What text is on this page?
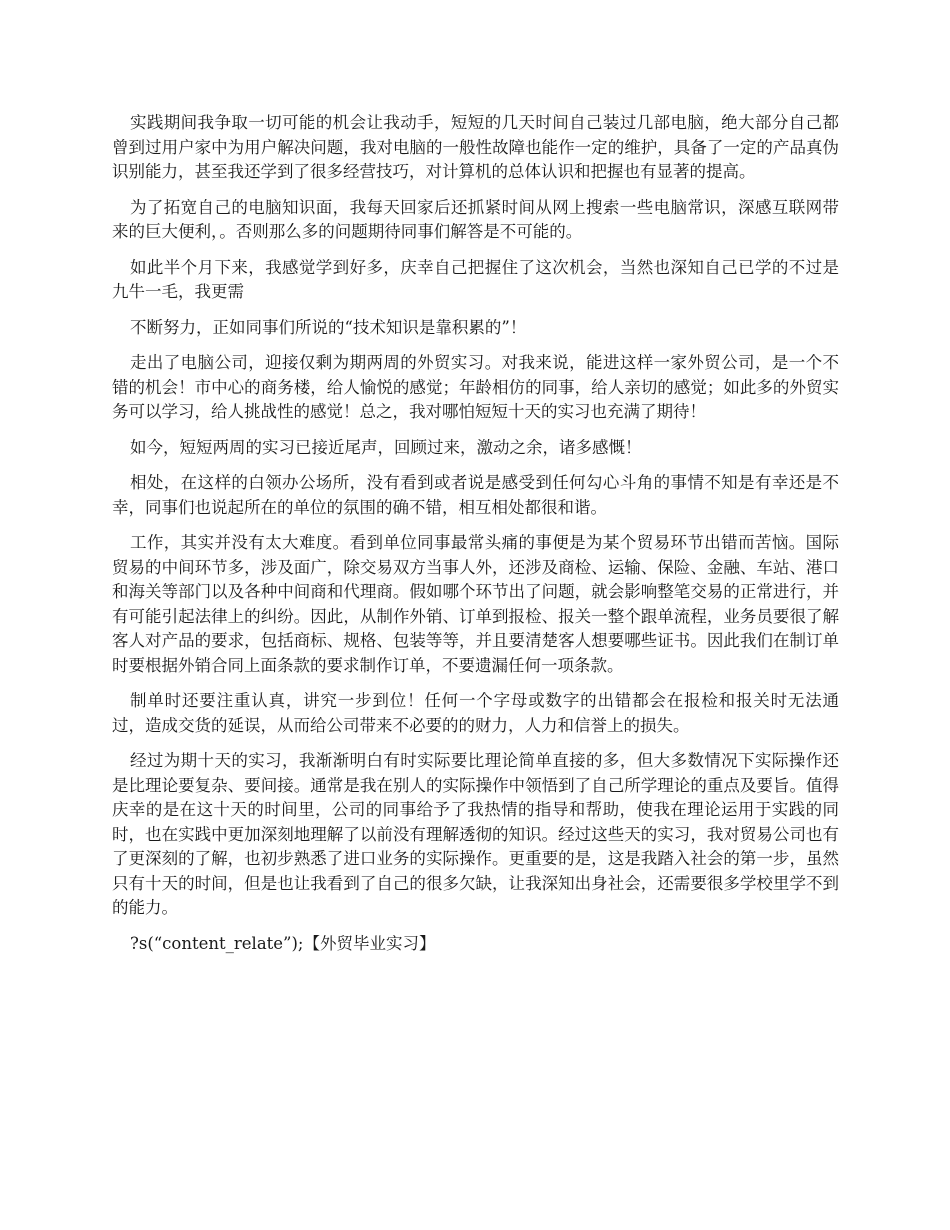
实践期间我争取一切可能的机会让我动手，短短的几天时间自己装过几部电脑，绝大部分自己都曾到过用户家中为用户解决问题，我对电脑的一般性故障也能作一定的维护，具备了一定的产品真伪识别能力，甚至我还学到了很多经营技巧，对计算机的总体认识和把握也有显著的提高。

为了拓宽自己的电脑知识面，我每天回家后还抓紧时间从网上搜索一些电脑常识，深感互联网带来的巨大便利，。否则那么多的问题期待同事们解答是不可能的。

如此半个月下来，我感觉学到好多，庆幸自己把握住了这次机会，当然也深知自己已学的不过是九牛一毛，我更需

不断努力，正如同事们所说的“技术知识是靠积累的”！

走出了电脑公司，迎接仅剩为期两周的外贸实习。对我来说，能进这样一家外贸公司，是一个不错的机会！市中心的商务楼，给人愉悦的感觉；年龄相仿的同事，给人亲切的感觉；如此多的外贸实务可以学习，给人挑战性的感觉！总之，我对哪怕短短十天的实习也充满了期待！

如今，短短两周的实习已接近尾声，回顾过来，激动之余，诸多感慨！

相处，在这样的白领办公场所，没有看到或者说是感受到任何勾心斗角的事情不知是有幸还是不幸，同事们也说起所在的单位的氛围的确不错，相互相处都很和谐。

工作，其实并没有太大难度。看到单位同事最常头痛的事便是为某个贸易环节出错而苦恼。国际贸易的中间环节多，涉及面广，除交易双方当事人外，还涉及商检、运输、保险、金融、车站、港口和海关等部门以及各种中间商和代理商。假如哪个环节出了问题，就会影响整笔交易的正常进行，并有可能引起法律上的纠纷。因此，从制作外销、订单到报检、报关一整个跟单流程，业务员要很了解客人对产品的要求，包括商标、规格、包装等等，并且要清楚客人想要哪些证书。因此我们在制订单时要根据外销合同上面条款的要求制作订单，不要遗漏任何一项条款。

制单时还要注重认真，讲究一步到位！任何一个字母或数字的出错都会在报检和报关时无法通过，造成交货的延误，从而给公司带来不必要的的财力，人力和信誉上的损失。

经过为期十天的实习，我渐渐明白有时实际要比理论简单直接的多，但大多数情况下实际操作还是比理论要复杂、要间接。通常是我在别人的实际操作中领悟到了自己所学理论的重点及要旨。值得庆幸的是在这十天的时间里，公司的同事给予了我热情的指导和帮助，使我在理论运用于实践的同时，也在实践中更加深刻地理解了以前没有理解透彻的知识。经过这些天的实习，我对贸易公司也有了更深刻的了解，也初步熟悉了进口业务的实际操作。更重要的是，这是我踏入社会的第一步，虽然只有十天的时间，但是也让我看到了自己的很多欠缺，让我深知出身社会，还需要很多学校里学不到的能力。

?s(“content_relate”);【外贸毕业实习】
